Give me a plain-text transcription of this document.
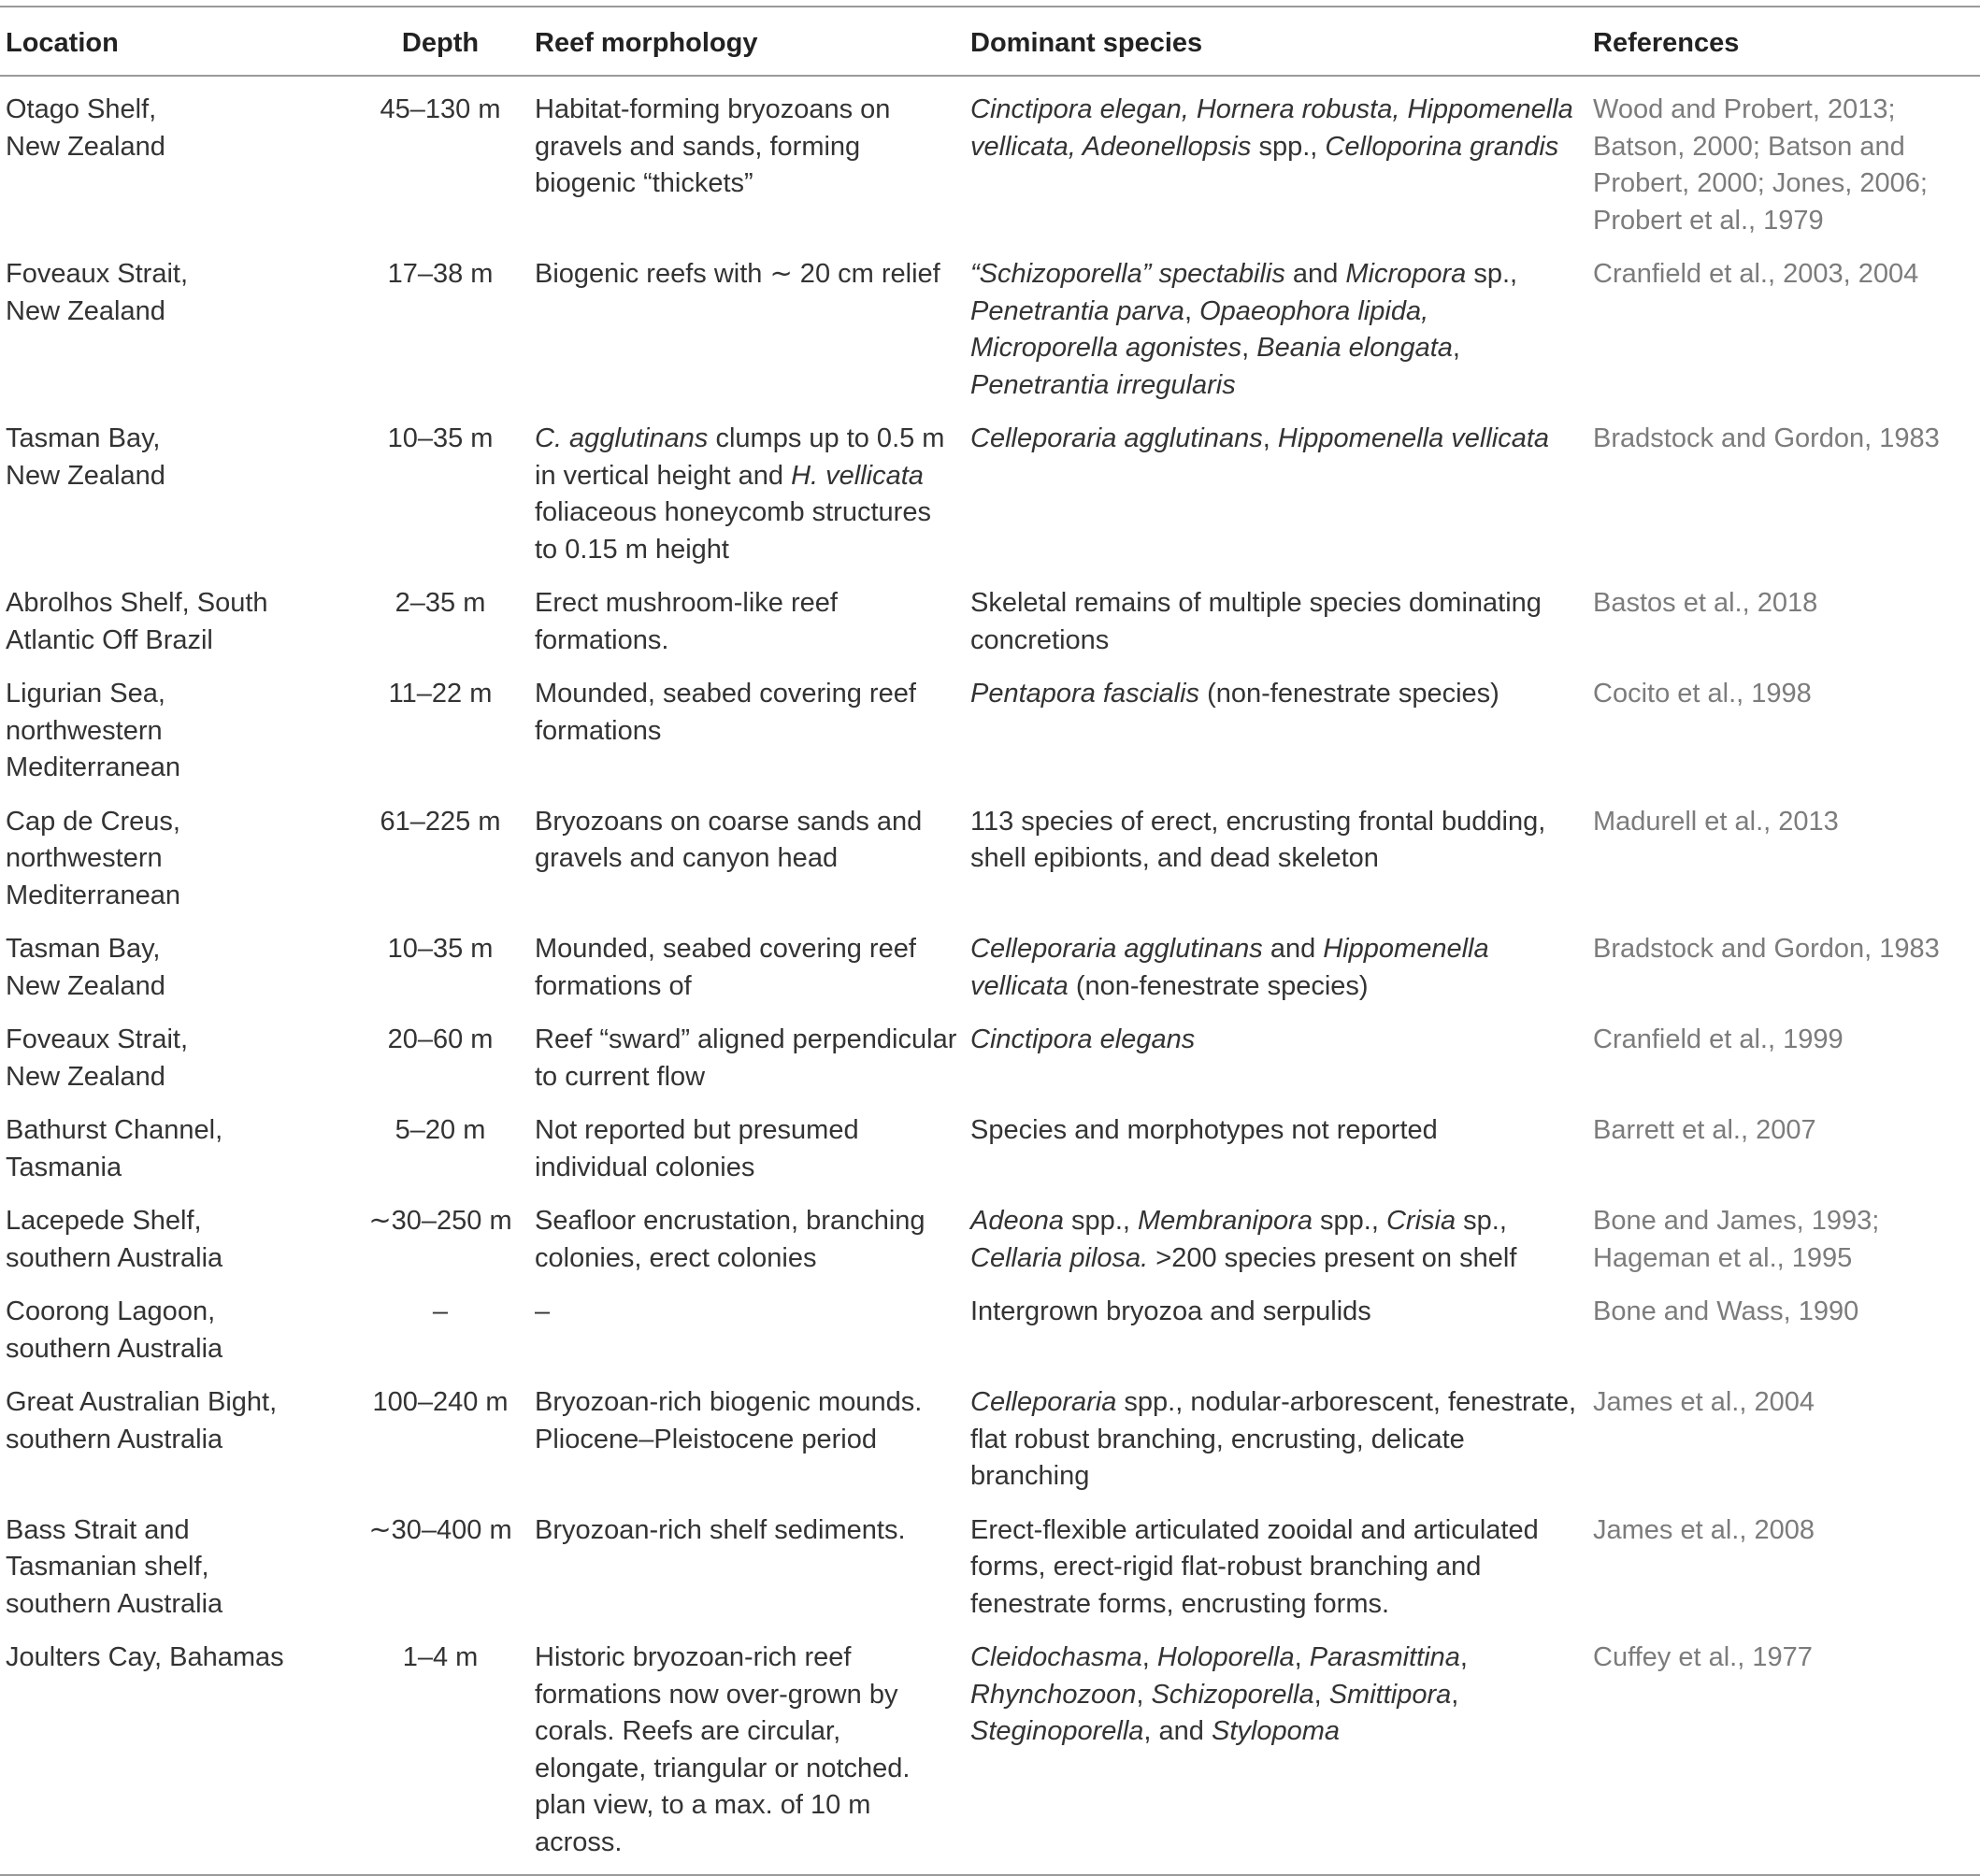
Location	Depth	Reef morphology	Dominant species	References

Otago Shelf,
New Zealand	45–130 m	Habitat-forming bryozoans on gravels and sands, forming biogenic “thickets”	Cinctipora elegan, Hornera robusta, Hippomenella vellicata, Adeonellopsis spp., Celloporina grandis	Wood and Probert, 2013; Batson, 2000; Batson and Probert, 2000; Jones, 2006; Probert et al., 1979

Foveaux Strait,
New Zealand	17–38 m	Biogenic reefs with ∼ 20 cm relief	“Schizoporella” spectabilis and Micropora sp., Penetrantia parva, Opaeophora lipida, Microporella agonistes, Beania elongata, Penetrantia irregularis	Cranfield et al., 2003, 2004

Tasman Bay,
New Zealand	10–35 m	C. agglutinans clumps up to 0.5 m in vertical height and H. vellicata foliaceous honeycomb structures to 0.15 m height	Celleporaria agglutinans, Hippomenella vellicata	Bradstock and Gordon, 1983

Abrolhos Shelf, South
Atlantic Off Brazil	2–35 m	Erect mushroom-like reef formations.	Skeletal remains of multiple species dominating concretions	Bastos et al., 2018

Ligurian Sea,
northwestern
Mediterranean	11–22 m	Mounded, seabed covering reef formations	Pentapora fascialis (non-fenestrate species)	Cocito et al., 1998

Cap de Creus,
northwestern
Mediterranean	61–225 m	Bryozoans on coarse sands and gravels and canyon head	113 species of erect, encrusting frontal budding, shell epibionts, and dead skeleton	Madurell et al., 2013

Tasman Bay,
New Zealand	10–35 m	Mounded, seabed covering reef formations of	Celleporaria agglutinans and Hippomenella vellicata (non-fenestrate species)	Bradstock and Gordon, 1983

Foveaux Strait,
New Zealand	20–60 m	Reef “sward” aligned perpendicular to current flow	Cinctipora elegans	Cranfield et al., 1999

Bathurst Channel,
Tasmania	5–20 m	Not reported but presumed individual colonies	Species and morphotypes not reported	Barrett et al., 2007

Lacepede Shelf,
southern Australia	∼30–250 m	Seafloor encrustation, branching colonies, erect colonies	Adeona spp., Membranipora spp., Crisia sp., Cellaria pilosa. >200 species present on shelf	Bone and James, 1993; Hageman et al., 1995

Coorong Lagoon,
southern Australia	–	–	Intergrown bryozoa and serpulids	Bone and Wass, 1990

Great Australian Bight,
southern Australia	100–240 m	Bryozoan-rich biogenic mounds. Pliocene–Pleistocene period	Celleporaria spp., nodular-arborescent, fenestrate, flat robust branching, encrusting, delicate branching	James et al., 2004

Bass Strait and
Tasmanian shelf,
southern Australia	∼30–400 m	Bryozoan-rich shelf sediments.	Erect-flexible articulated zooidal and articulated forms, erect-rigid flat-robust branching and fenestrate forms, encrusting forms.	James et al., 2008

Joulters Cay, Bahamas	1–4 m	Historic bryozoan-rich reef formations now over-grown by corals. Reefs are circular, elongate, triangular or notched. plan view, to a max. of 10 m across.	Cleidochasma, Holoporella, Parasmittina, Rhynchozoon, Schizoporella, Smittipora, Steginoporella, and Stylopoma	Cuffey et al., 1977
